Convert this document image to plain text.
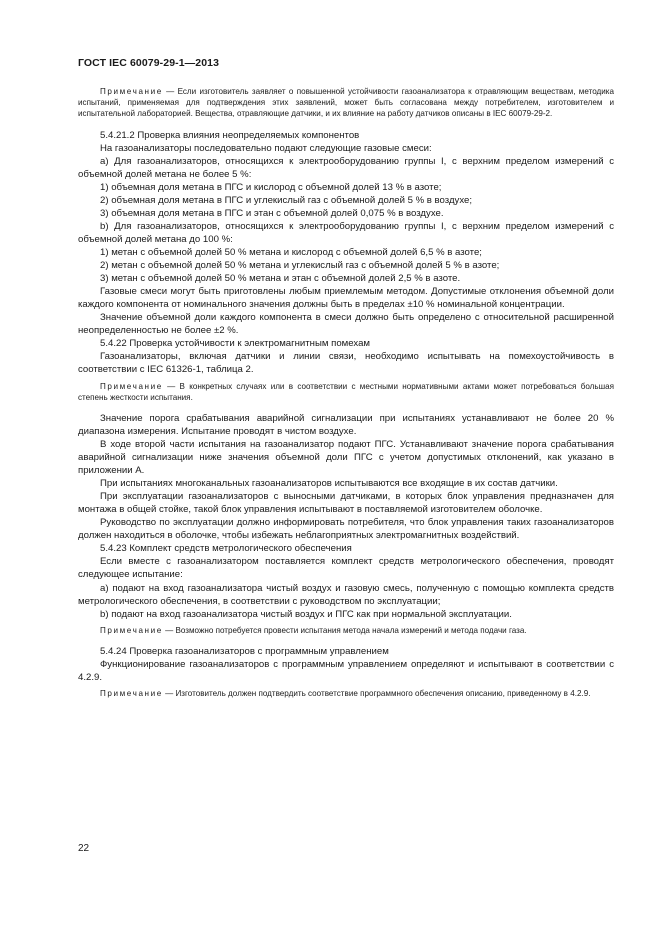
ГОСТ IEC 60079-29-1—2013

Примечание — Если изготовитель заявляет о повышенной устойчивости газоанализатора к отравляющим веществам, методика испытаний, применяемая для подтверждения этих заявлений, может быть согласована между потребителем, изготовителем и испытательной лабораторией. Вещества, отравляющие датчики, и их влияние на работу датчиков описаны в IEC 60079-29-2.

5.4.21.2 Проверка влияния неопределяемых компонентов

На газоанализаторы последовательно подают следующие газовые смеси:

а) Для газоанализаторов, относящихся к электрооборудованию группы I, с верхним пределом измерений с объемной долей метана не более 5 %:

1) объемная доля метана в ПГС и кислород с объемной долей 13 % в азоте;

2) объемная доля метана в ПГС и углекислый газ с объемной долей 5 % в воздухе;

3) объемная доля метана в ПГС и этан с объемной долей 0,075 % в воздухе.

b) Для газоанализаторов, относящихся к электрооборудованию группы I, с верхним пределом измерений с объемной долей метана до 100 %:

1) метан с объемной долей 50 % метана и кислород с объемной долей 6,5 % в азоте;

2) метан с объемной долей 50 % метана и углекислый газ с объемной долей 5 % в азоте;

3) метан с объемной долей 50 % метана и этан с объемной долей 2,5 % в азоте.

Газовые смеси могут быть приготовлены любым приемлемым методом. Допустимые отклонения объемной доли каждого компонента от номинального значения должны быть в пределах ±10 % номинальной концентрации.

Значение объемной доли каждого компонента в смеси должно быть определено с относительной расширенной неопределенностью не более ±2 %.

5.4.22 Проверка устойчивости к электромагнитным помехам

Газоанализаторы, включая датчики и линии связи, необходимо испытывать на помехоустойчивость в соответствии с IEC 61326-1, таблица 2.

Примечание — В конкретных случаях или в соответствии с местными нормативными актами может потребоваться большая степень жесткости испытания.

Значение порога срабатывания аварийной сигнализации при испытаниях устанавливают не более 20 % диапазона измерения. Испытание проводят в чистом воздухе.

В ходе второй части испытания на газоанализатор подают ПГС. Устанавливают значение порога срабатывания аварийной сигнализации ниже значения объемной доли ПГС с учетом допустимых отклонений, как указано в приложении А.

При испытаниях многоканальных газоанализаторов испытываются все входящие в их состав датчики.

При эксплуатации газоанализаторов с выносными датчиками, в которых блок управления предназначен для монтажа в общей стойке, такой блок управления испытывают в поставляемой изготовителем оболочке.

Руководство по эксплуатации должно информировать потребителя, что блок управления таких газоанализаторов должен находиться в оболочке, чтобы избежать неблагоприятных электромагнитных воздействий.

5.4.23 Комплект средств метрологического обеспечения

Если вместе с газоанализатором поставляется комплект средств метрологического обеспечения, проводят следующее испытание:

а) подают на вход газоанализатора чистый воздух и газовую смесь, полученную с помощью комплекта средств метрологического обеспечения, в соответствии с руководством по эксплуатации;

b) подают на вход газоанализатора чистый воздух и ПГС как при нормальной эксплуатации.

Примечание — Возможно потребуется провести испытания метода начала измерений и метода подачи газа.

5.4.24 Проверка газоанализаторов с программным управлением

Функционирование газоанализаторов с программным управлением определяют и испытывают в соответствии с 4.2.9.

Примечание — Изготовитель должен подтвердить соответствие программного обеспечения описанию, приведенному в 4.2.9.

22
